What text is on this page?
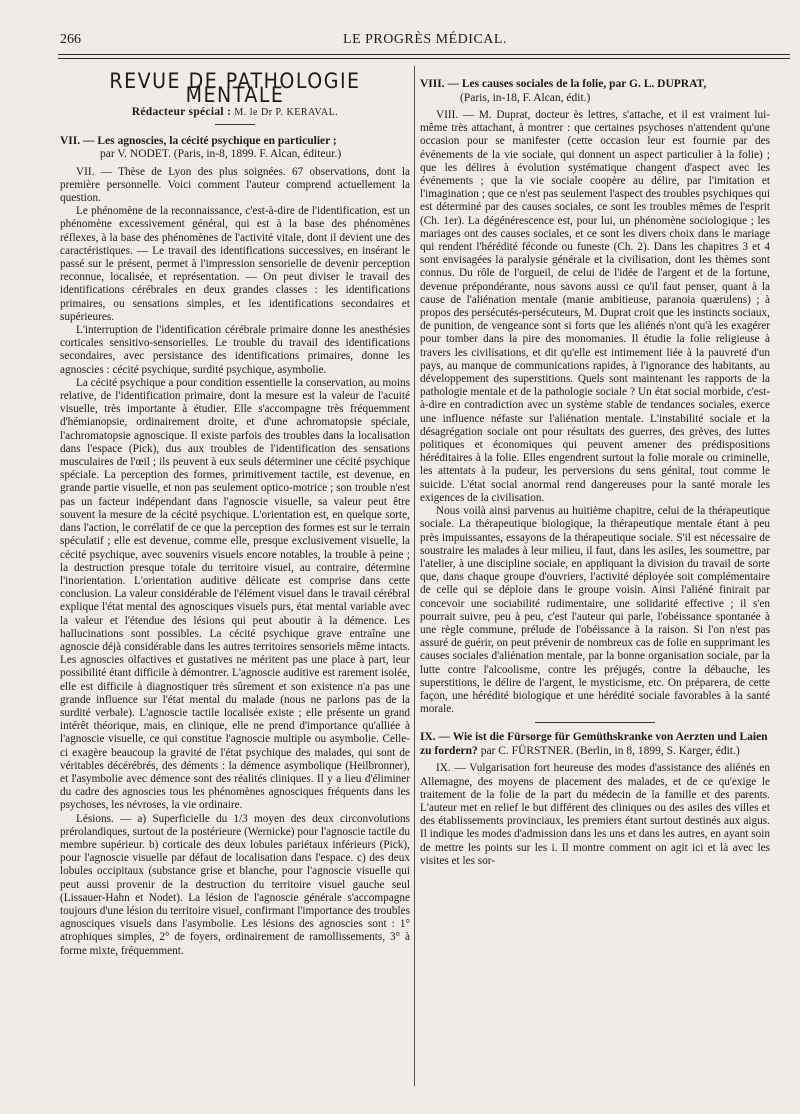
266	LE PROGRÈS MÉDICAL.
REVUE DE PATHOLOGIE MENTALE
Rédacteur spécial : M. le Dr P. KERAVAL.
VII. — Les agnoscies, la cécité psychique en particulier ;
par V. NODET. (Paris, in-8, 1899. F. Alcan, éditeur.)

VII. — Thèse de Lyon des plus soignées. 67 observations, dont la première personnelle. Voici comment l'auteur comprend actuellement la question.

Le phénomène de la reconnaissance, c'est-à-dire de l'identification, est un phénomène excessivement général, qui est à la base des phénomènes réflexes, à la base des phénomènes de l'activité vitale, dont il devient une des caractéristiques. — Le travail des identifications successives, en insérant le passé sur le présent, permet à l'impression sensorielle de devenir perception reconnue, localisée, et représentation. — On peut diviser le travail des identifications cérébrales en deux grandes classes : les identifications primaires, ou sensations simples, et les identifications secondaires et supérieures.

L'interruption de l'identification cérébrale primaire donne les anesthésies corticales sensitivo-sensorielles. Le trouble du travail des identifications secondaires, avec persistance des identifications primaires, donne les agnoscies : cécité psychique, surdité psychique, asymbolie.

La cécité psychique a pour condition essentielle la conservation, au moins relative, de l'identification primaire, dont la mesure est la valeur de l'acuité visuelle, très importante à étudier. Elle s'accompagne très fréquemment d'hémianopsie, ordinairement droite, et d'une achromatopsie spéciale, l'achromatopsie agnoscique. Il existe parfois des troubles dans la localisation dans l'espace (Pick), dus aux troubles de l'identification des sensations musculaires de l'œil ; ils peuvent à eux seuls déterminer une cécité psychique spéciale. La perception des formes, primitivement tactile, est devenue, en grande partie visuelle, et non pas seulement optico-motrice ; son trouble n'est pas un facteur indépendant dans l'agnoscie visuelle, sa valeur peut être souvent la mesure de la cécité psychique. L'orientation est, en quelque sorte, dans l'action, le corrélatif de ce que la perception des formes est sur le terrain spéculatif ; elle est devenue, comme elle, presque exclusivement visuelle, la cécité psychique, avec souvenirs visuels encore notables, la trouble à peine ; la destruction presque totale du territoire visuel, au contraire, détermine l'inorientation. L'orientation auditive délicate est comprise dans cette conclusion. La valeur considérable de l'élément visuel dans le travail cérébral explique l'état mental des agnosciques visuels purs, état mental variable avec la valeur et l'étendue des lésions qui peut aboutir à la démence. Les hallucinations sont possibles. La cécité psychique grave entraîne une agnoscie déjà considérable dans les autres territoires sensoriels même intacts. Les agnoscies olfactives et gustatives ne méritent pas une place à part, leur possibilité étant difficile à démontrer. L'agnoscie auditive est rarement isolée, elle est difficile à diagnostiquer très sûrement et son existence n'a pas une grande influence sur l'état mental du malade (nous ne parlons pas de la surdité verbale). L'agnoscie tactile localisée existe ; elle présente un grand intérêt théorique, mais, en clinique, elle ne prend d'importance qu'alliée à l'agnoscie visuelle, ce qui constitue l'agnoscie multiple ou asymbolie. Celle-ci exagère beaucoup la gravité de l'état psychique des malades, qui sont de véritables décérébrés, des déments : la démence asymbolique (Heilbronner), et l'asymbolie avec démence sont des réalités cliniques. Il y a lieu d'éliminer du cadre des agnoscies tous les phénomènes agnosciques fréquents dans les psychoses, les névroses, la vie ordinaire.

Lésions. — a) Superficielle du 1/3 moyen des deux circonvolutions prérolandiques, surtout de la postérieure (Wernicke) pour l'agnoscie tactile du membre supérieur. b) corticale des deux lobules pariétaux inférieurs (Pick), pour l'agnoscie visuelle par défaut de localisation dans l'espace. c) des deux lobules occipitaux (substance grise et blanche, pour l'agnoscie visuelle qui peut aussi provenir de la destruction du territoire visuel gauche seul (Lissauer-Hahn et Nodet). La lésion de l'agnoscie générale s'accompagne toujours d'une lésion du territoire visuel, confirmant l'importance des troubles agnosciques visuels dans l'asymbolie. Les lésions des agnoscies sont : 1° atrophiques simples, 2° de foyers, ordinairement de ramollissements, 3° à forme mixte, fréquemment.

VIII. — Les causes sociales de la folie, par G. L. DUPRAT,
(Paris, in-18, F. Alcan, édit.)

VIII. — M. Duprat, docteur ès lettres, s'attache, et il est vraiment lui-même très attachant, à montrer : que certaines psychoses n'attendent qu'une occasion pour se manifester (cette occasion leur est fournie par des événements de la vie sociale, qui donnent un aspect particulier à la folie) ; que les délires à évolution systématique changent d'aspect avec les événements ; que la vie sociale coopère au délire, par l'imitation et l'imagination ; que ce n'est pas seulement l'aspect des troubles psychiques qui est déterminé par des causes sociales, ce sont les troubles mêmes de l'esprit (Ch. 1er). La dégénérescence est, pour lui, un phénomène sociologique ; les mariages ont des causes sociales, et ce sont les divers choix dans le mariage qui rendent l'hérédité féconde ou funeste (Ch. 2). Dans les chapitres 3 et 4 sont envisagées la paralysie générale et la civilisation, dont les thèmes sont connus. Du rôle de l'orgueil, de celui de l'idée de l'argent et de la fortune, devenue prépondérante, nous savons aussi ce qu'il faut penser, quant à la cause de l'aliénation mentale (manie ambitieuse, paranoia quærulens) ; à propos des persécutés-persécuteurs, M. Duprat croit que les instincts sociaux, de punition, de vengeance sont si forts que les aliénés n'ont qu'à les exagérer pour tomber dans la pire des monomanies. Il étudie la folie religieuse à travers les civilisations, et dit qu'elle est intimement liée à la pauvreté d'un pays, au manque de communications rapides, à l'ignorance des habitants, au développement des superstitions. Quels sont maintenant les rapports de la pathologie mentale et de la pathologie sociale ? Un état social morbide, c'est-à-dire en contradiction avec un système stable de tendances sociales, exerce une influence néfaste sur l'aliénation mentale. L'instabilité sociale et la désagrégation sociale ont pour résultats des guerres, des grèves, des luttes politiques et économiques qui peuvent amener des prédispositions héréditaires à la folie. Elles engendrent surtout la folie morale ou criminelle, les attentats à la pudeur, les perversions du sens génital, tout comme le suicide. L'état social anormal rend dangereuses pour la santé morale les exigences de la civilisation.

Nous voilà ainsi parvenus au huitième chapitre, celui de la thérapeutique sociale. La thérapeutique biologique, la thérapeutique mentale étant à peu près impuissantes, essayons de la thérapeutique sociale. S'il est nécessaire de soustraire les malades à leur milieu, il faut, dans les asiles, les soumettre, par l'atelier, à une discipline sociale, en appliquant la division du travail de sorte que, dans chaque groupe d'ouvriers, l'activité déployée soit complémentaire de celle qui se déploie dans le groupe voisin. Ainsi l'aliéné finirait par concevoir une sociabilité rudimentaire, une solidarité effective ; il s'en pourrait suivre, peu à peu, c'est l'auteur qui parle, l'obéissance spontanée à une règle commune, prélude de l'obéissance à la raison. Si l'on n'est pas assuré de guérir, on peut prévenir de nombreux cas de folie en supprimant les causes sociales d'aliénation mentale, par la bonne organisation sociale, par la lutte contre l'alcoolisme, contre les préjugés, contre la débauche, les superstitions, le délire de l'argent, le mysticisme, etc. On préparera, de cette façon, une hérédité biologique et une hérédité sociale favorables à la santé morale.

IX. — Wie ist die Fürsorge für Gemüthskranke von Aerzten und Laien zu fordern? par C. FÜRSTNER. (Berlin, in 8, 1899, S. Karger, édit.)

IX. — Vulgarisation fort heureuse des modes d'assistance des aliénés en Allemagne, des moyens de placement des malades, et de ce qu'exige le traitement de la folie de la part du médecin de la famille et des parents. L'auteur met en relief le but différent des cliniques ou des asiles des villes et des établissements provinciaux, les premiers étant surtout destinés aux aigus. Il indique les modes d'admission dans les uns et dans les autres, en ayant soin de mettre les points sur les i. Il montre comment on agit ici et là avec les visites et les sor-
